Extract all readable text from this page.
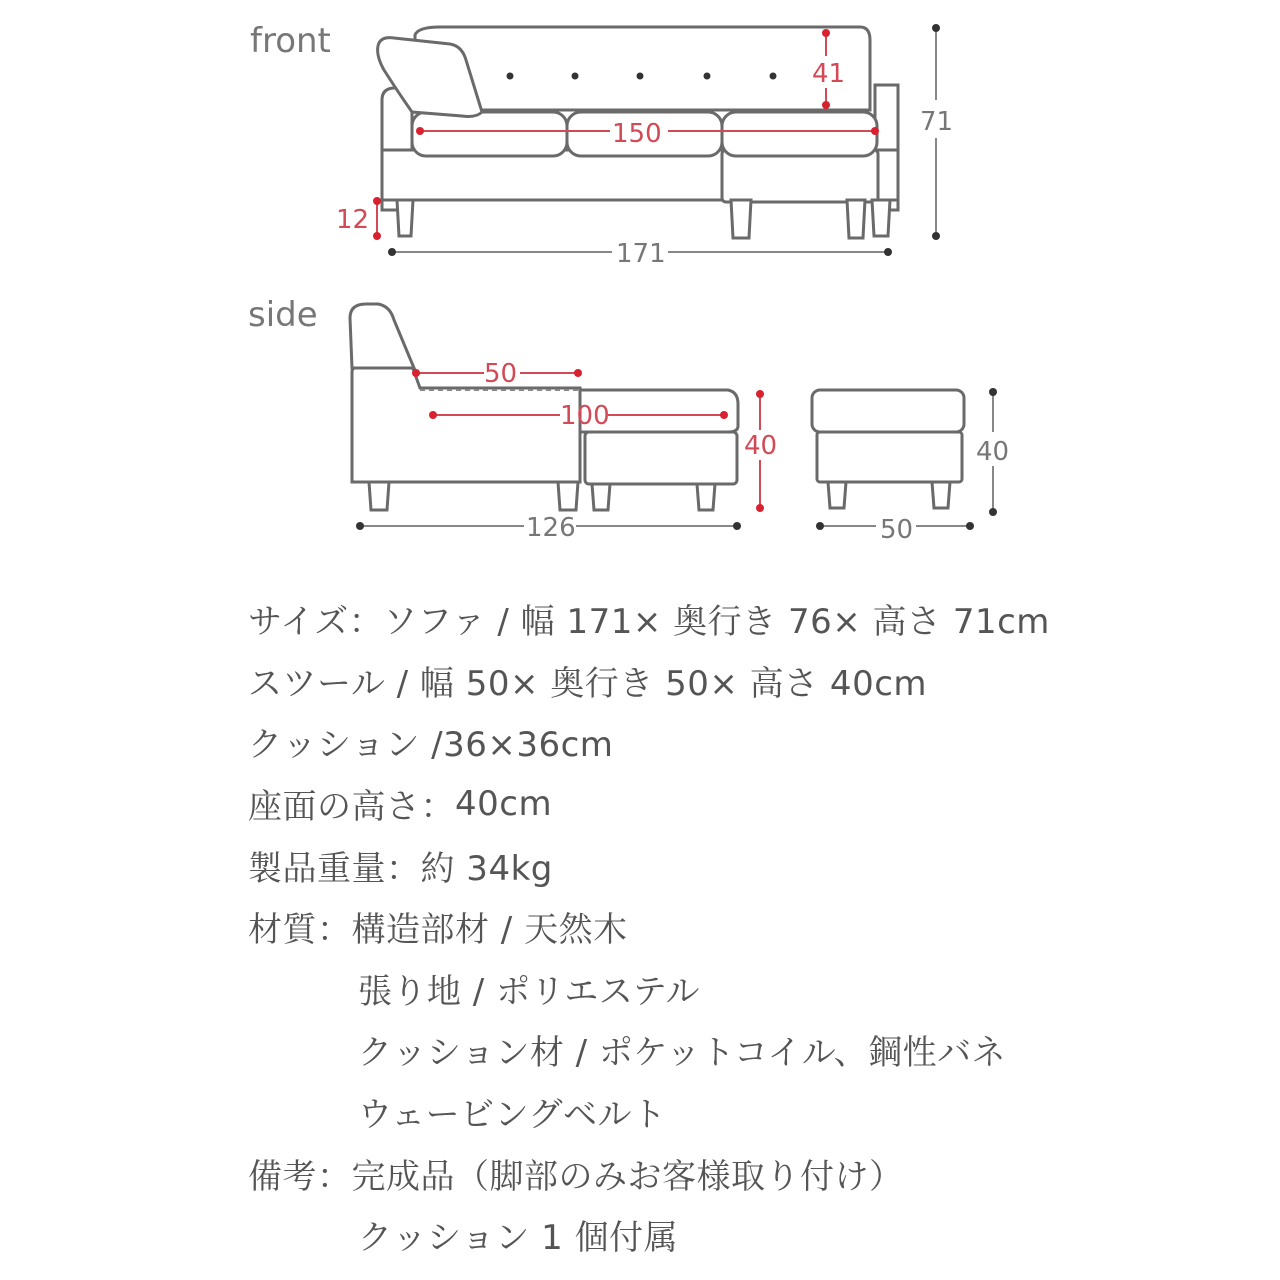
front
41
150	71
12
171
side
50
100
40
126
40
50
サイズ ： ソファ / 幅 171× 奥行き 76× 高さ 71cm
スツール / 幅 50× 奥行き 50× 高さ 40cm
クッション /36×36cm
座面の高さ ： 40cm
製品重量 ： 約 34kg
材質 ： 構造部材 / 天然木
張り地 / ポリエステル
クッション材 / ポケットコイル、鋼性バネ
ウェービングベルト
備考 ： 完成品（脚部のみお客様取り付け）
クッション 1 個付属
